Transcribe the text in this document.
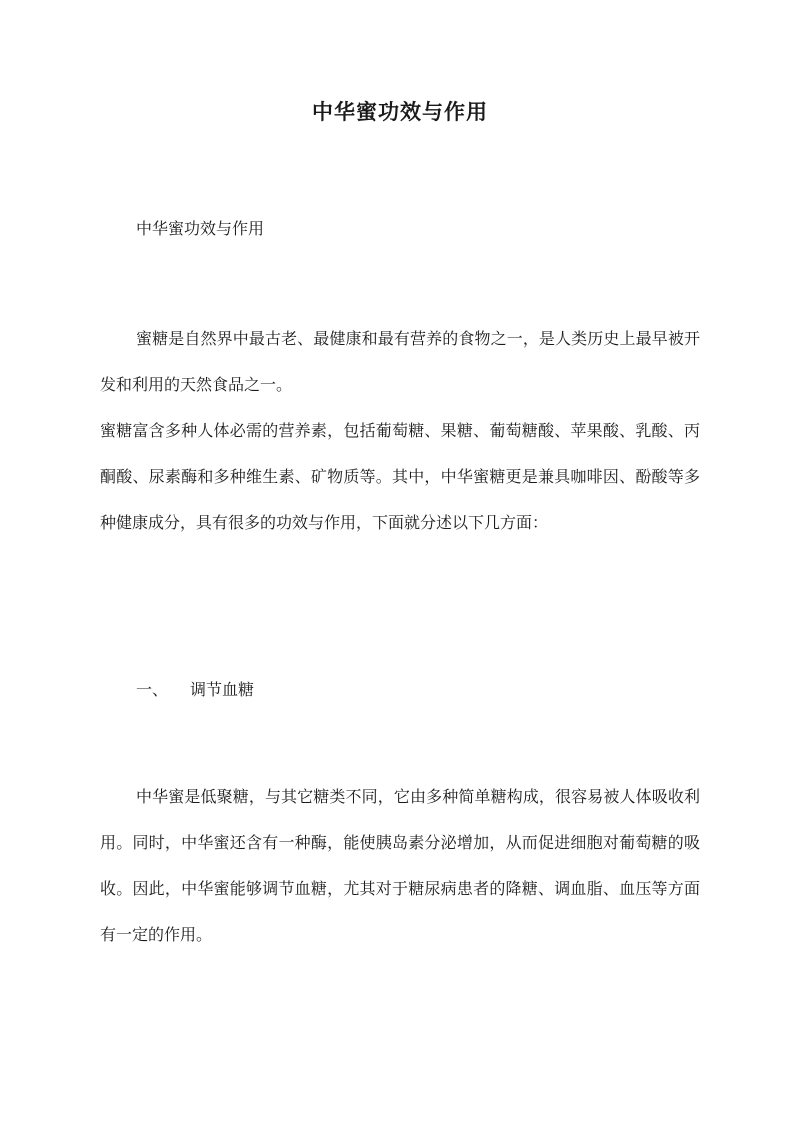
中华蜜功效与作用

中华蜜功效与作用

蜜糖是自然界中最古老、最健康和最有营养的食物之一，是人类历史上最早被开发和利用的天然食品之一。

蜜糖富含多种人体必需的营养素，包括葡萄糖、果糖、葡萄糖酸、苹果酸、乳酸、丙酮酸、尿素酶和多种维生素、矿物质等。其中，中华蜜糖更是兼具咖啡因、酚酸等多种健康成分，具有很多的功效与作用，下面就分述以下几方面：

一、 调节血糖

中华蜜是低聚糖，与其它糖类不同，它由多种简单糖构成，很容易被人体吸收利用。同时，中华蜜还含有一种酶，能使胰岛素分泌增加，从而促进细胞对葡萄糖的吸收。因此，中华蜜能够调节血糖，尤其对于糖尿病患者的降糖、调血脂、血压等方面有一定的作用。
